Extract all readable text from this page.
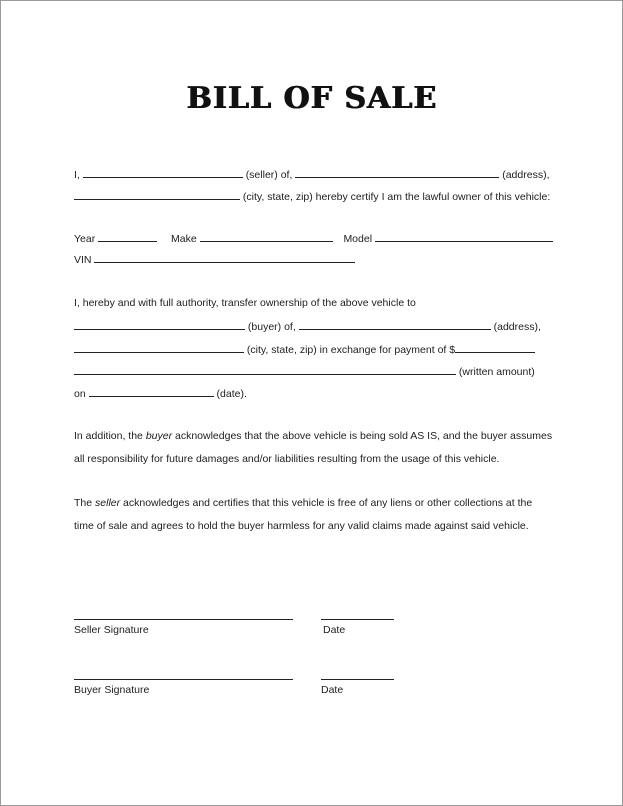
BILL OF SALE
I,	(seller) of,	(address),
(city, state, zip) hereby certify I am the lawful owner of this vehicle:
Year	Make	Model
VIN
I, hereby and with full authority, transfer ownership of the above vehicle to
(buyer) of,	(address),
(city, state, zip) in exchange for payment of $
(written amount)
on	(date).
In addition, the buyer acknowledges that the above vehicle is being sold AS IS, and the buyer assumes all responsibility for future damages and/or liabilities resulting from the usage of this vehicle.
The seller acknowledges and certifies that this vehicle is free of any liens or other collections at the time of sale and agrees to hold the buyer harmless for any valid claims made against said vehicle.
Seller Signature	Date
Buyer Signature	Date
